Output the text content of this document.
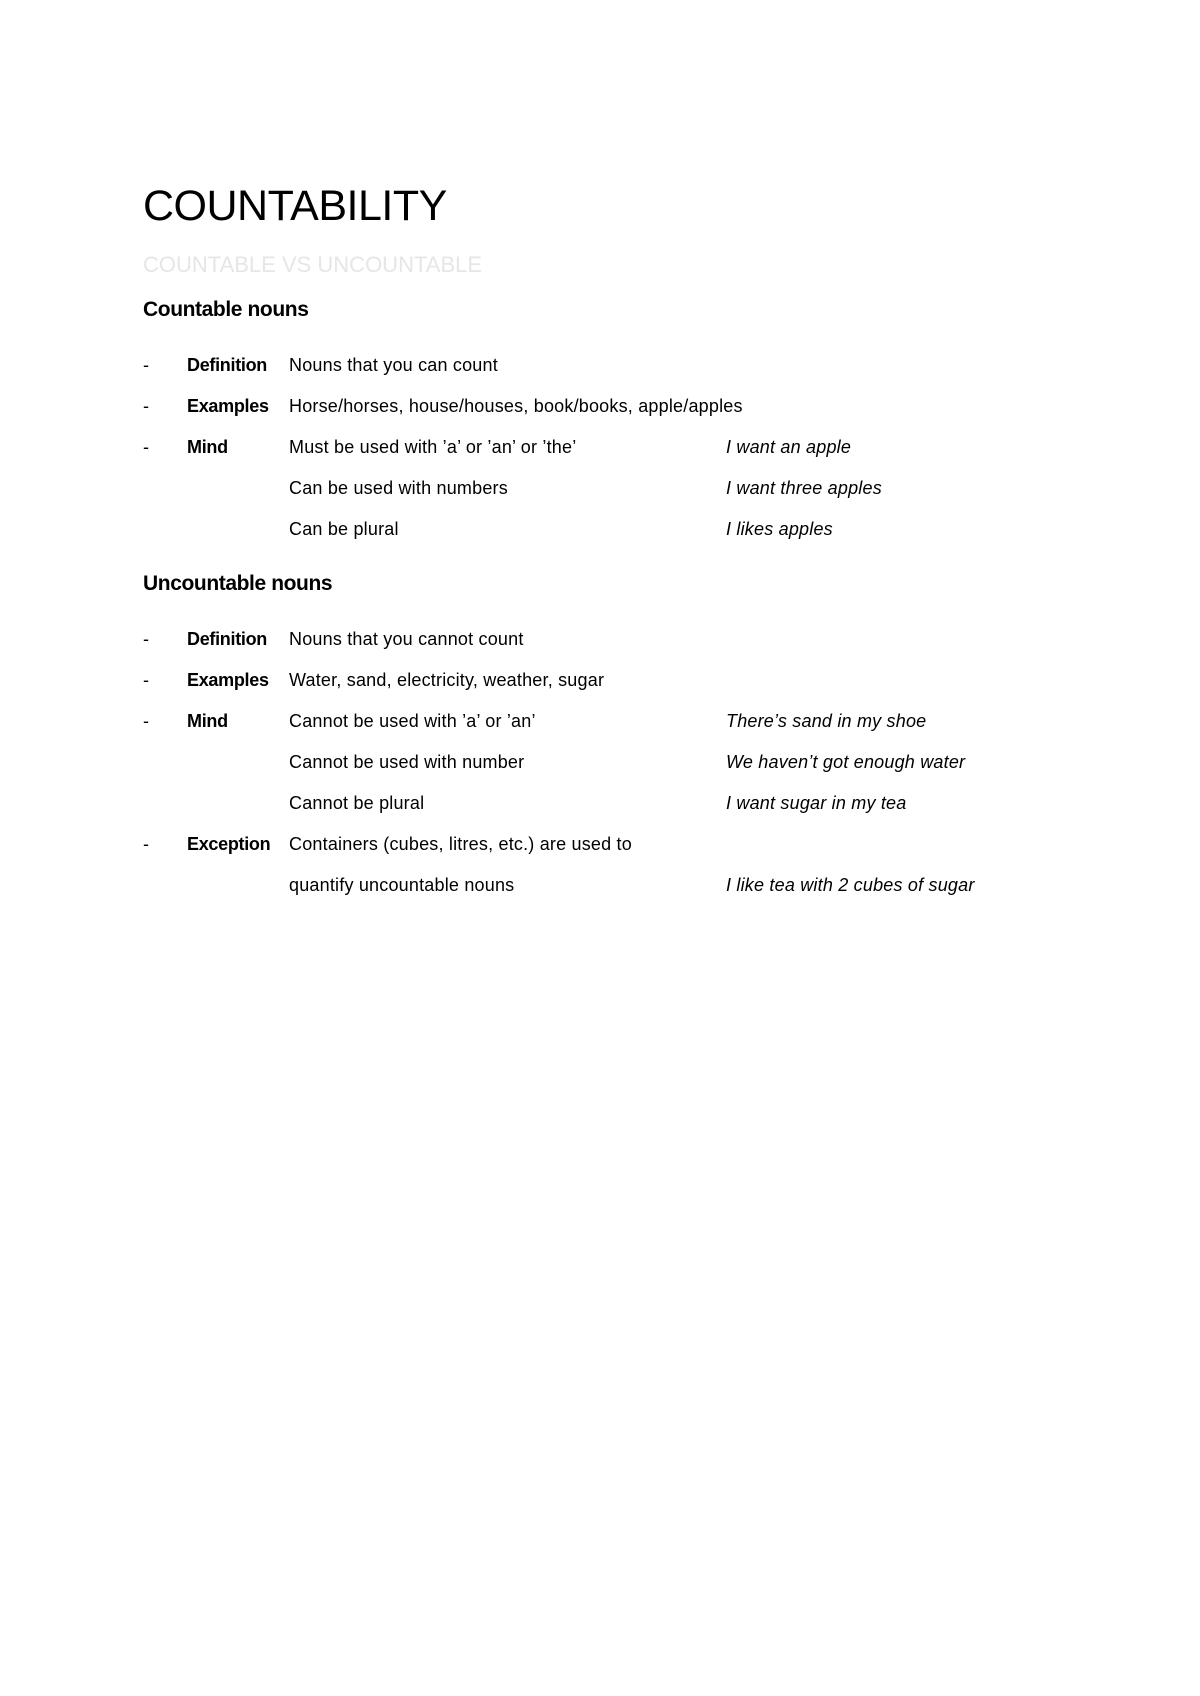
COUNTABILITY
COUNTABLE VS UNCOUNTABLE
Countable nouns
- Definition Nouns that you can count
- Examples Horse/horses, house/houses, book/books, apple/apples
- Mind	Must be used with ’a’ or ’an’ or ’the’	I want an apple
Can be used with numbers	I want three apples
Can be plural	I likes apples
Uncountable nouns
- Definition Nouns that you cannot count
- Examples Water, sand, electricity, weather, sugar
- Mind	Cannot be used with ’a’ or ’an’	There’s sand in my shoe
Cannot be used with number	We haven’t got enough water
Cannot be plural	I want sugar in my tea
- Exception Containers (cubes, litres, etc.) are used to
quantify uncountable nouns	I like tea with 2 cubes of sugar
